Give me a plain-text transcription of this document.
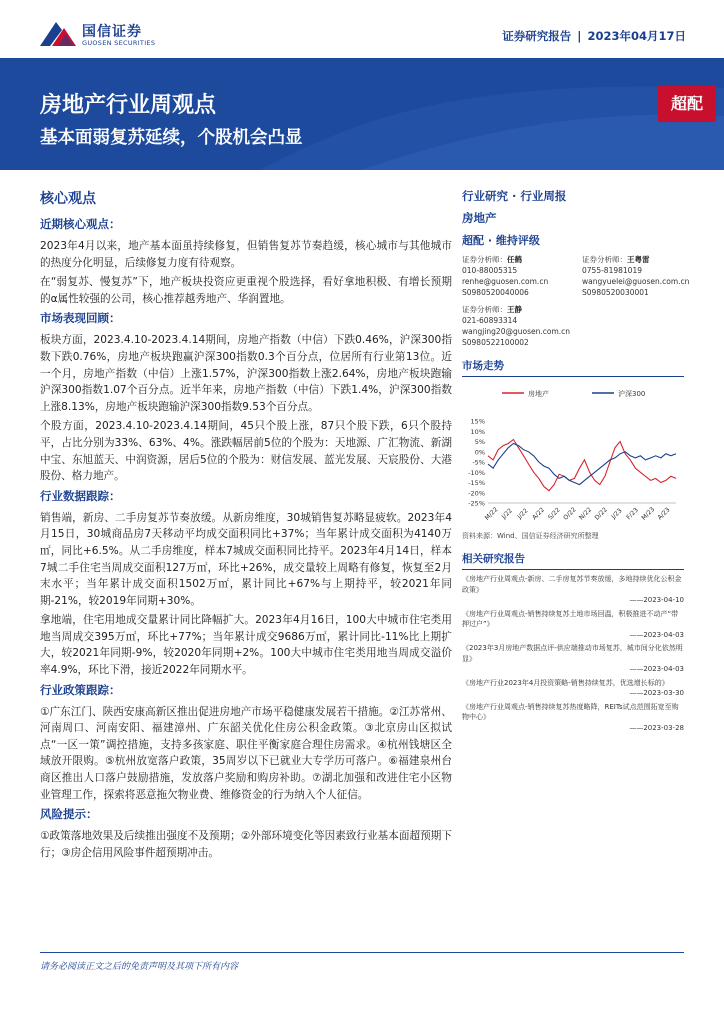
国信证券
GUOSEN SECURITIES	证券研究报告 | 2023年04月17日
房地产行业周观点
基本面弱复苏延续，个股机会凸显
超配
核心观点
近期核心观点：

2023年4月以来，地产基本面虽持续修复，但销售复苏节奏趋缓，核心城市与其他城市的热度分化明显，后续修复力度有待观察。

在“弱复苏、慢复苏”下，地产板块投资应更重视个股选择，看好拿地积极、有增长预期的α属性较强的公司，核心推荐越秀地产、华润置地。

市场表现回顾：

板块方面，2023.4.10-2023.4.14期间，房地产指数（中信）下跌0.46%，沪深300指数下跌0.76%，房地产板块跑赢沪深300指数0.3个百分点，位居所有行业第13位。近一个月，房地产指数（中信）上涨1.57%，沪深300指数上涨2.64%，房地产板块跑输沪深300指数1.07个百分点。近半年来，房地产指数（中信）下跌1.4%，沪深300指数上涨8.13%，房地产板块跑输沪深300指数9.53个百分点。

个股方面，2023.4.10-2023.4.14期间，45只个股上涨，87只个股下跌，6只个股持平，占比分别为33%、63%、4%。涨跌幅居前5位的个股为：天地源、广汇物流、新湖中宝、东旭蓝天、中润资源，居后5位的个股为：财信发展、蓝光发展、天宸股份、大港股份、格力地产。

行业数据跟踪：

销售端，新房、二手房复苏节奏放缓。从新房维度，30城销售复苏略显疲软。2023年4月15日，30城商品房7天移动平均成交面积同比+37%；当年累计成交面积为4140万㎡，同比+6.5%。从二手房维度，样本7城成交面积同比持平。2023年4月14日，样本7城二手住宅当周成交面积127万㎡，环比+26%，成交量较上周略有修复，恢复至2月末水平；当年累计成交面积1502万㎡，累计同比+67%与上期持平，较2021年同期-21%，较2019年同期+30%。

拿地端，住宅用地成交量累计同比降幅扩大。2023年4月16日，100大中城市住宅类用地当周成交395万㎡，环比+77%；当年累计成交9686万㎡，累计同比-11%比上期扩大，较2021年同期-9%，较2020年同期+2%。100大中城市住宅类用地当周成交溢价率4.9%，环比下滑，接近2022年同期水平。

行业政策跟踪：

①广东江门、陕西安康高新区推出促进房地产市场平稳健康发展若干措施。②江苏常州、河南周口、河南安阳、福建漳州、广东韶关优化住房公积金政策。③北京房山区拟试点“一区一策”调控措施，支持多孩家庭、职住平衡家庭合理住房需求。④杭州钱塘区全域放开限购。⑤杭州放宽落户政策，35周岁以下已就业大专学历可落户。⑥福建泉州台商区推出人口落户鼓励措施，发放落户奖励和购房补助。⑦湖北加强和改进住宅小区物业管理工作，探索将恶意拖欠物业费、维修资金的行为纳入个人征信。

风险提示：

①政策落地效果及后续推出强度不及预期；②外部环境变化等因素致行业基本面超预期下行；③房企信用风险事件超预期冲击。

行业研究 · 行业周报
房地产
超配 · 维持评级
证券分析师：任鹤
010-88005315
renhe@guosen.com.cn
S0980520040006
证券分析师：王粤雷
0755-81981019
wangyuelei@guosen.com.cn
S0980520030001
证券分析师：王静
021-60893314
wangjing20@guosen.com.cn
S0980522100002
市场走势
房地产	沪深300
15%
10%
5%
0%
-5%
-10%
-15%
-20%
-25%
M/22 J/22 J/22 A/22 S/22 O/22 N/22 D/22 J/23 F/23 M/23 A/23
资料来源：Wind、国信证券经济研究所整理
相关研究报告
《房地产行业周观点-新房、二手房复苏节奏放缓，多地持续优化公积金政策》
——2023-04-10
《房地产行业周观点-销售持续复苏土地市场回温，积极推进不动产“带押过户”》
——2023-04-03
《2023年3月房地产数据点评-供应端推动市场复苏，城市间分化依然明显》
——2023-04-03
《房地产行业2023年4月投资策略-销售持续复苏，优选增长标的》
——2023-03-30
《房地产行业周观点-销售持续复苏热度略降，REITs试点范围拓宽至购物中心》
——2023-03-28
请务必阅读正文之后的免责声明及其项下所有内容
